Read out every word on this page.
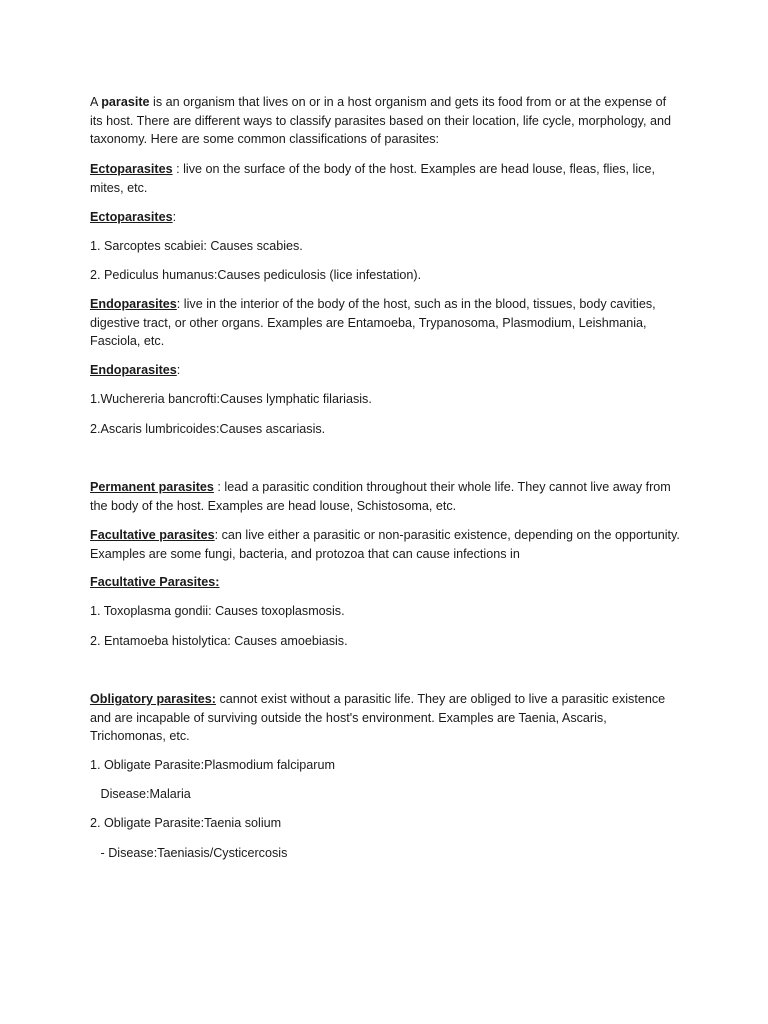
A parasite is an organism that lives on or in a host organism and gets its food from or at the expense of its host. There are different ways to classify parasites based on their location, life cycle, morphology, and taxonomy. Here are some common classifications of parasites:

Ectoparasites : live on the surface of the body of the host. Examples are head louse, fleas, flies, lice, mites, etc.

Ectoparasites:

1. Sarcoptes scabiei: Causes scabies.

2. Pediculus humanus:Causes pediculosis (lice infestation).

Endoparasites: live in the interior of the body of the host, such as in the blood, tissues, body cavities, digestive tract, or other organs. Examples are Entamoeba, Trypanosoma, Plasmodium, Leishmania, Fasciola, etc.

Endoparasites:

1.Wuchereria bancrofti:Causes lymphatic filariasis.

2.Ascaris lumbricoides:Causes ascariasis.

Permanent parasites : lead a parasitic condition throughout their whole life. They cannot live away from the body of the host. Examples are head louse, Schistosoma, etc.

Facultative parasites: can live either a parasitic or non-parasitic existence, depending on the opportunity. Examples are some fungi, bacteria, and protozoa that can cause infections in

Facultative Parasites:

1. Toxoplasma gondii: Causes toxoplasmosis.

2. Entamoeba histolytica: Causes amoebiasis.

Obligatory parasites: cannot exist without a parasitic life. They are obliged to live a parasitic existence and are incapable of surviving outside the host's environment. Examples are Taenia, Ascaris, Trichomonas, etc.

1. Obligate Parasite:Plasmodium falciparum

Disease:Malaria

2. Obligate Parasite:Taenia solium

- Disease:Taeniasis/Cysticercosis
